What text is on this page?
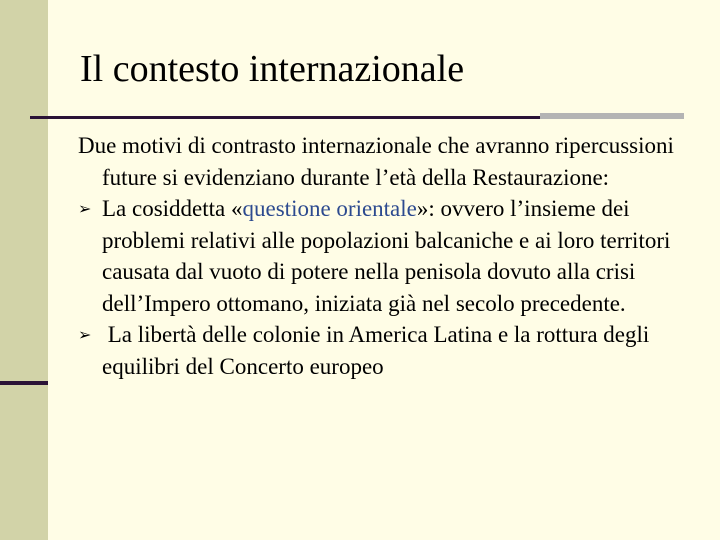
Il contesto internazionale

Due motivi di contrasto internazionale che avranno ripercussioni future si evidenziano durante l’età della Restaurazione:

➢ La cosiddetta «questione orientale»: ovvero l’insieme dei problemi relativi alle popolazioni balcaniche e ai loro territori causata dal vuoto di potere nella penisola dovuto alla crisi dell’Impero ottomano, iniziata già nel secolo precedente.

➢ La libertà delle colonie in America Latina e la rottura degli equilibri del Concerto europeo
